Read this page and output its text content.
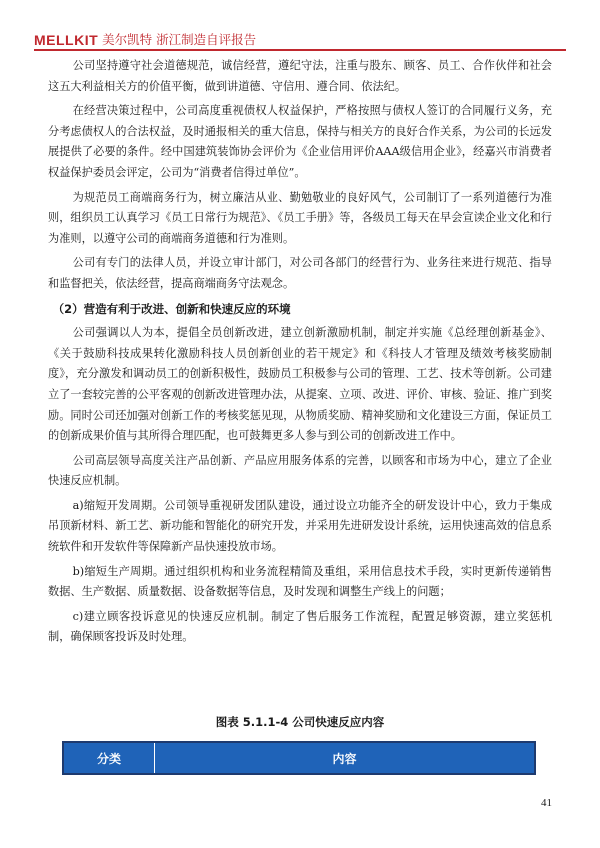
MELLKIT 美尔凯特 浙江制造自评报告

公司坚持遵守社会道德规范，诚信经营，遵纪守法，注重与股东、顾客、员工、合作伙伴和社会这五大利益相关方的价值平衡，做到讲道德、守信用、遵合同、依法纪。

在经营决策过程中，公司高度重视债权人权益保护，严格按照与债权人签订的合同履行义务，充分考虑债权人的合法权益，及时通报相关的重大信息，保持与相关方的良好合作关系，为公司的长远发展提供了必要的条件。经中国建筑装饰协会评价为《企业信用评价AAA级信用企业》，经嘉兴市消费者权益保护委员会评定，公司为“消费者信得过单位”。

为规范员工商端商务行为，树立廉洁从业、勤勉敬业的良好风气，公司制订了一系列道德行为准则，组织员工认真学习《员工日常行为规范》、《员工手册》等，各级员工每天在早会宣读企业文化和行为准则，以遵守公司的商端商务道德和行为准则。

公司有专门的法律人员，并设立审计部门，对公司各部门的经营行为、业务往来进行规范、指导和监督把关，依法经营，提高商端商务守法观念。

（2）营造有利于改进、创新和快速反应的环境

公司强调以人为本，提倡全员创新改进，建立创新激励机制，制定并实施《总经理创新基金》、《关于鼓励科技成果转化激励科技人员创新创业的若干规定》和《科技人才管理及绩效考核奖励制度》，充分激发和调动员工的创新积极性，鼓励员工积极参与公司的管理、工艺、技术等创新。公司建立了一套较完善的公平客观的创新改进管理办法，从提案、立项、改进、评价、审核、验证、推广到奖励。同时公司还加强对创新工作的考核奖惩见现，从物质奖励、精神奖励和文化建设三方面，保证员工的创新成果价值与其所得合理匹配，也可鼓舞更多人参与到公司的创新改进工作中。

公司高层领导高度关注产品创新、产品应用服务体系的完善，以顾客和市场为中心，建立了企业快速反应机制。

a)缩短开发周期。公司领导重视研发团队建设，通过设立功能齐全的研发设计中心，致力于集成吊顶新材料、新工艺、新功能和智能化的研究开发，并采用先进研发设计系统，运用快速高效的信息系统软件和开发软件等保障新产品快速投放市场。

b)缩短生产周期。通过组织机构和业务流程精简及重组，采用信息技术手段，实时更新传递销售数据、生产数据、质量数据、设备数据等信息，及时发现和调整生产线上的问题；

c)建立顾客投诉意见的快速反应机制。制定了售后服务工作流程，配置足够资源，建立奖惩机制，确保顾客投诉及时处理。

图表 5.1.1-4 公司快速反应内容
分类	内容
41
